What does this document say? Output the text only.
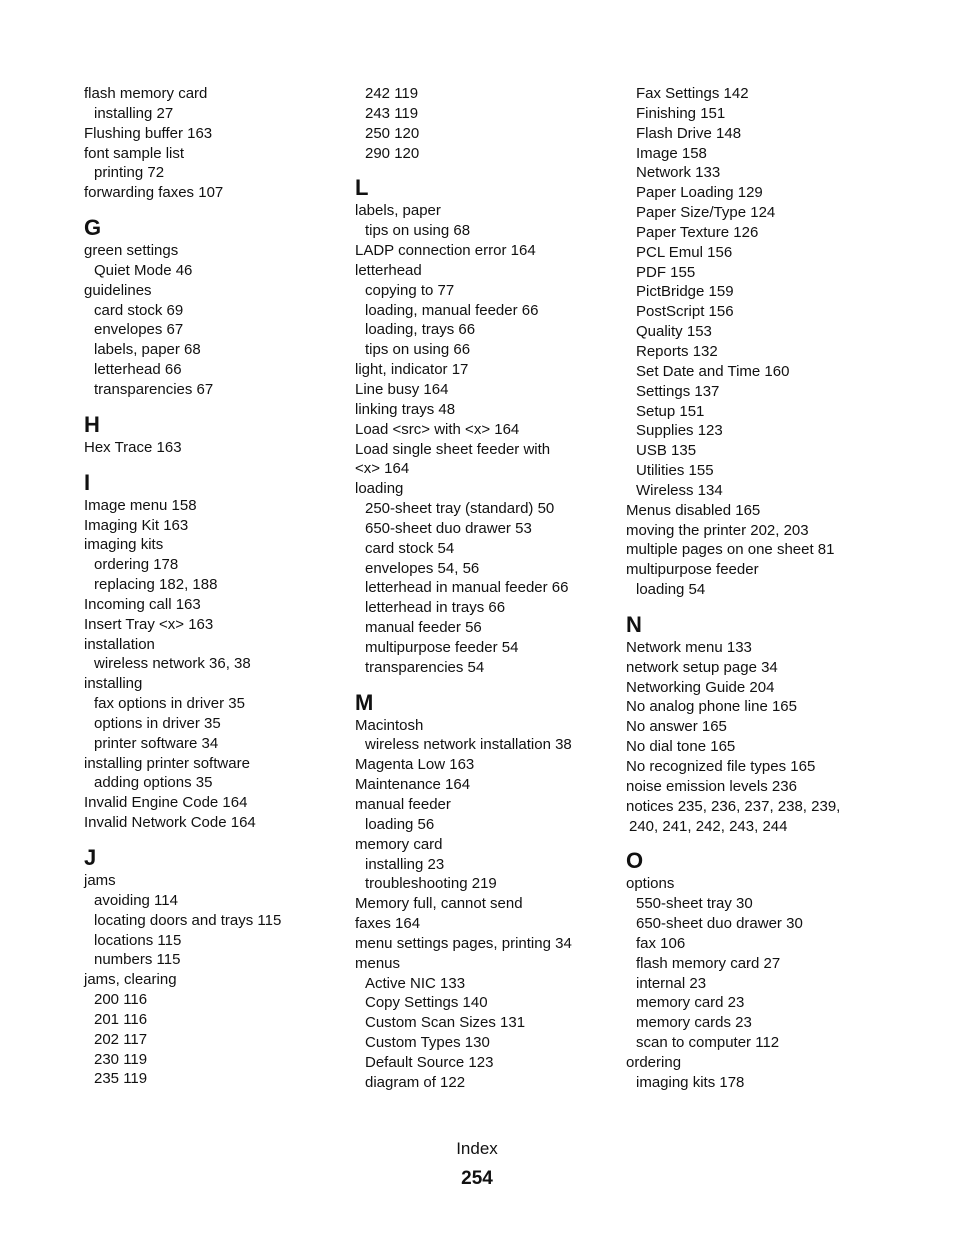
flash memory card
installing 27
Flushing buffer 163
font sample list
printing 72
forwarding faxes 107
G
green settings
Quiet Mode 46
guidelines
card stock 69
envelopes 67
labels, paper 68
letterhead 66
transparencies 67
H
Hex Trace 163
I
Image menu 158
Imaging Kit 163
imaging kits
ordering 178
replacing 182, 188
Incoming call 163
Insert Tray <x> 163
installation
wireless network 36, 38
installing
fax options in driver 35
options in driver 35
printer software 34
installing printer software
adding options 35
Invalid Engine Code 164
Invalid Network Code 164
J
jams
avoiding 114
locating doors and trays 115
locations 115
numbers 115
jams, clearing
200 116
201 116
202 117
230 119
235 119
242 119
243 119
250 120
290 120
L
labels, paper
tips on using 68
LADP connection error 164
letterhead
copying to 77
loading, manual feeder 66
loading, trays 66
tips on using 66
light, indicator 17
Line busy 164
linking trays 48
Load <src> with <x> 164
Load single sheet feeder with
<x> 164
loading
250-sheet tray (standard) 50
650-sheet duo drawer 53
card stock 54
envelopes 54, 56
letterhead in manual feeder 66
letterhead in trays 66
manual feeder 56
multipurpose feeder 54
transparencies 54
M
Macintosh
wireless network installation 38
Magenta Low 163
Maintenance 164
manual feeder
loading 56
memory card
installing 23
troubleshooting 219
Memory full, cannot send
faxes 164
menu settings pages, printing 34
menus
Active NIC 133
Copy Settings 140
Custom Scan Sizes 131
Custom Types 130
Default Source 123
diagram of 122
Fax Settings 142
Finishing 151
Flash Drive 148
Image 158
Network 133
Paper Loading 129
Paper Size/Type 124
Paper Texture 126
PCL Emul 156
PDF 155
PictBridge 159
PostScript 156
Quality 153
Reports 132
Set Date and Time 160
Settings 137
Setup 151
Supplies 123
USB 135
Utilities 155
Wireless 134
Menus disabled 165
moving the printer 202, 203
multiple pages on one sheet 81
multipurpose feeder
loading 54
N
Network menu 133
network setup page 34
Networking Guide 204
No analog phone line 165
No answer 165
No dial tone 165
No recognized file types 165
noise emission levels 236
notices 235, 236, 237, 238, 239,
240, 241, 242, 243, 244
O
options
550-sheet tray 30
650-sheet duo drawer 30
fax 106
flash memory card 27
internal 23
memory card 23
memory cards 23
scan to computer 112
ordering
imaging kits 178
Index
254
